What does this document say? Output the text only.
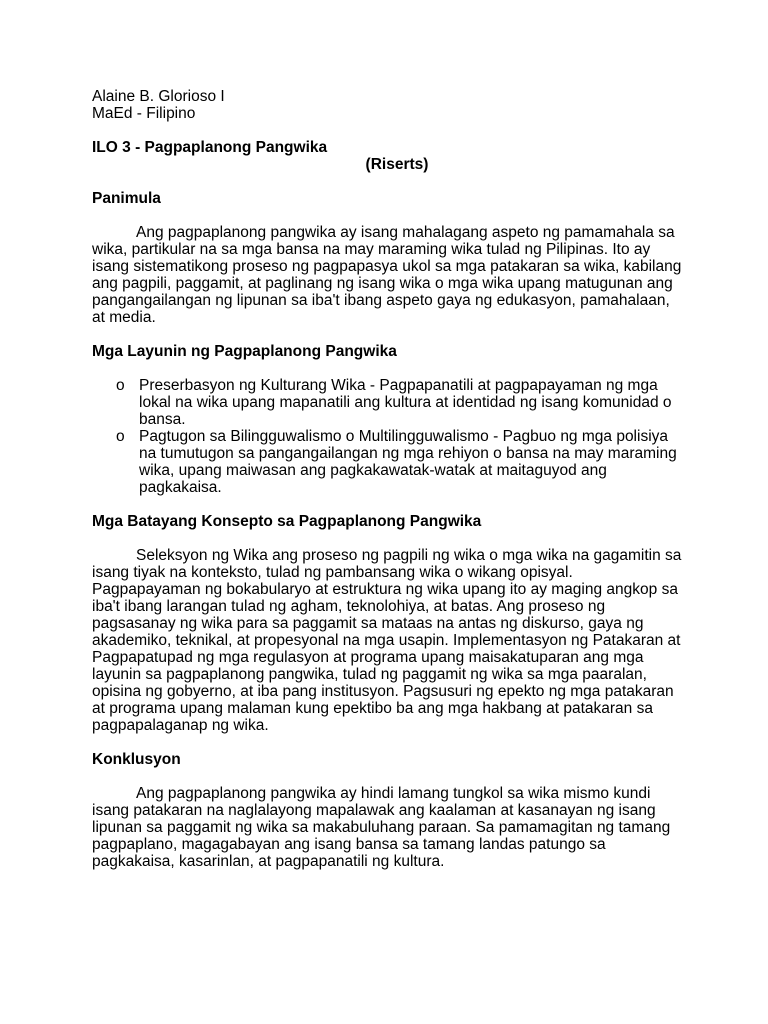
Alaine B. Glorioso I
MaEd - Filipino
ILO 3 - Pagpaplanong Pangwika
(Riserts)

Panimula

Ang pagpaplanong pangwika ay isang mahalagang aspeto ng pamamahala sa wika, partikular na sa mga bansa na may maraming wika tulad ng Pilipinas. Ito ay isang sistematikong proseso ng pagpapasya ukol sa mga patakaran sa wika, kabilang ang pagpili, paggamit, at paglinang ng isang wika o mga wika upang matugunan ang pangangailangan ng lipunan sa iba't ibang aspeto gaya ng edukasyon, pamahalaan, at media.

Mga Layunin ng Pagpaplanong Pangwika

o Preserbasyon ng Kulturang Wika - Pagpapanatili at pagpapayaman ng mga lokal na wika upang mapanatili ang kultura at identidad ng isang komunidad o bansa.
o Pagtugon sa Bilingguwalismo o Multilingguwalismo - Pagbuo ng mga polisiya na tumutugon sa pangangailangan ng mga rehiyon o bansa na may maraming wika, upang maiwasan ang pagkakawatak-watak at maitaguyod ang pagkakaisa.

Mga Batayang Konsepto sa Pagpaplanong Pangwika

Seleksyon ng Wika ang proseso ng pagpili ng wika o mga wika na gagamitin sa isang tiyak na konteksto, tulad ng pambansang wika o wikang opisyal. Pagpapayaman ng bokabularyo at estruktura ng wika upang ito ay maging angkop sa iba't ibang larangan tulad ng agham, teknolohiya, at batas. Ang proseso ng pagsasanay ng wika para sa paggamit sa mataas na antas ng diskurso, gaya ng akademiko, teknikal, at propesyonal na mga usapin. Implementasyon ng Patakaran at Pagpapatupad ng mga regulasyon at programa upang maisakatuparan ang mga layunin sa pagpaplanong pangwika, tulad ng paggamit ng wika sa mga paaralan, opisina ng gobyerno, at iba pang institusyon. Pagsusuri ng epekto ng mga patakaran at programa upang malaman kung epektibo ba ang mga hakbang at patakaran sa pagpapalaganap ng wika.

Konklusyon

Ang pagpaplanong pangwika ay hindi lamang tungkol sa wika mismo kundi isang patakaran na naglalayong mapalawak ang kaalaman at kasanayan ng isang lipunan sa paggamit ng wika sa makabuluhang paraan. Sa pamamagitan ng tamang pagpaplano, magagabayan ang isang bansa sa tamang landas patungo sa pagkakaisa, kasarinlan, at pagpapanatili ng kultura.
